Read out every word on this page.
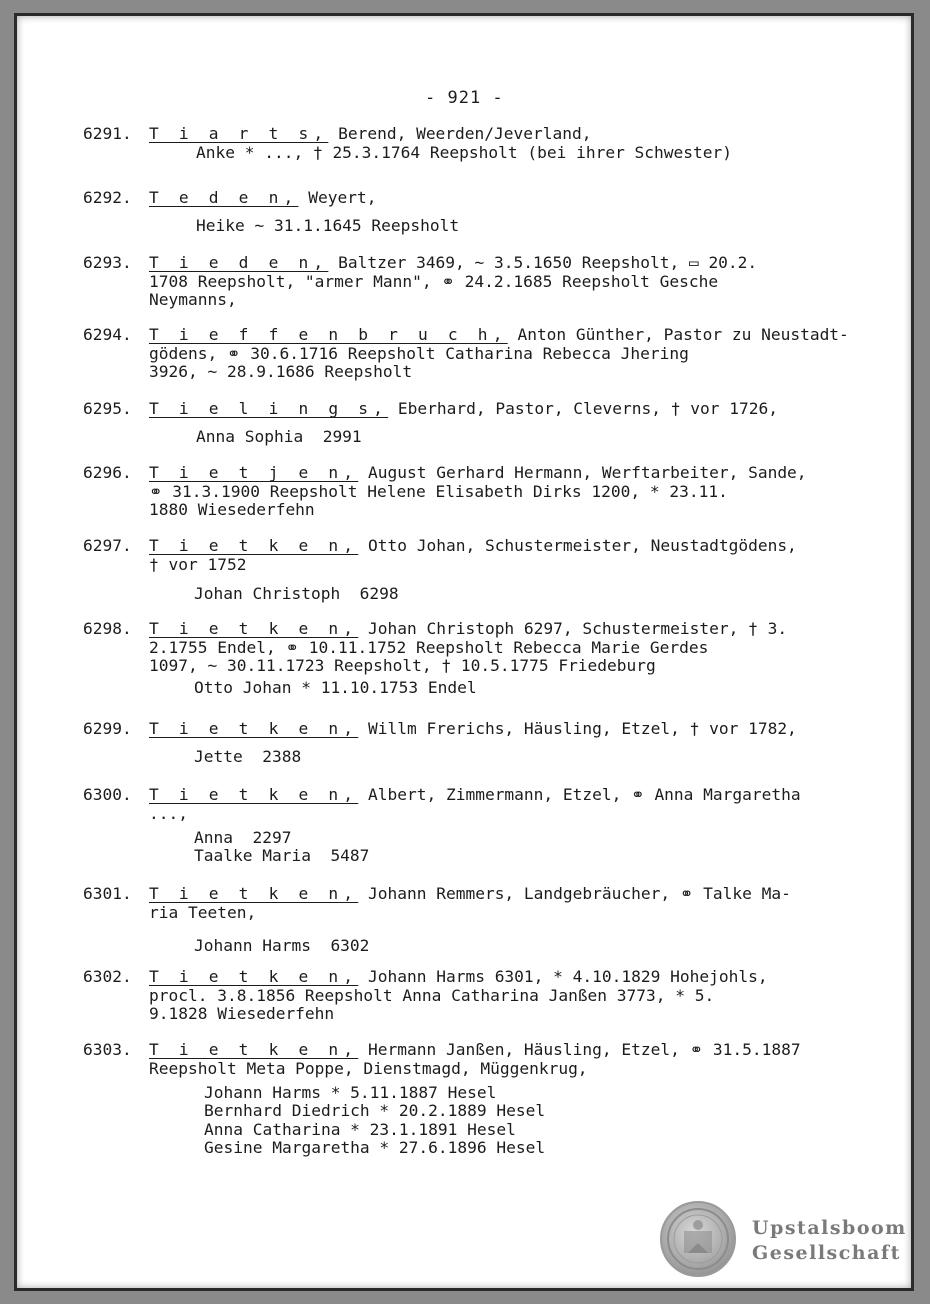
- 921 -
6291. T i a r t s, Berend, Weerden/Jeverland,
Anke * ..., † 25.3.1764 Reepsholt (bei ihrer Schwester)
6292. T e d e n, Weyert,
Heike ~ 31.1.1645 Reepsholt
6293. T i e d e n, Baltzer 3469, ~ 3.5.1650 Reepsholt, ▭ 20.2.
1708 Reepsholt, "armer Mann", ⚭ 24.2.1685 Reepsholt Gesche
Neymanns,
6294. T i e f f e n b r u c h, Anton Günther, Pastor zu Neustadt-
gödens, ⚭ 30.6.1716 Reepsholt Catharina Rebecca Jhering
3926, ~ 28.9.1686 Reepsholt
6295. T i e l i n g s, Eberhard, Pastor, Cleverns, † vor 1726,
Anna Sophia  2991
6296. T i e t j e n, August Gerhard Hermann, Werftarbeiter, Sande,
⚭ 31.3.1900 Reepsholt Helene Elisabeth Dirks 1200, * 23.11.
1880 Wiesederfehn
6297. T i e t k e n, Otto Johan, Schustermeister, Neustadtgödens,
† vor 1752
Johan Christoph  6298
6298. T i e t k e n, Johan Christoph 6297, Schustermeister, † 3.
2.1755 Endel, ⚭ 10.11.1752 Reepsholt Rebecca Marie Gerdes
1097, ~ 30.11.1723 Reepsholt, † 10.5.1775 Friedeburg
Otto Johan * 11.10.1753 Endel
6299. T i e t k e n, Willm Frerichs, Häusling, Etzel, † vor 1782,
Jette  2388
6300. T i e t k e n, Albert, Zimmermann, Etzel, ⚭ Anna Margaretha
...,
Anna  2297
Taalke Maria  5487
6301. T i e t k e n, Johann Remmers, Landgebräucher, ⚭ Talke Ma-
ria Teeten,
Johann Harms  6302
6302. T i e t k e n, Johann Harms 6301, * 4.10.1829 Hohejohls,
procl. 3.8.1856 Reepsholt Anna Catharina Janßen 3773, * 5.
9.1828 Wiesederfehn
6303. T i e t k e n, Hermann Janßen, Häusling, Etzel, ⚭ 31.5.1887
Reepsholt Meta Poppe, Dienstmagd, Müggenkrug,
Johann Harms * 5.11.1887 Hesel
Bernhard Diedrich * 20.2.1889 Hesel
Anna Catharina * 23.1.1891 Hesel
Gesine Margaretha * 27.6.1896 Hesel
Upstalsboom
Gesellschaft
